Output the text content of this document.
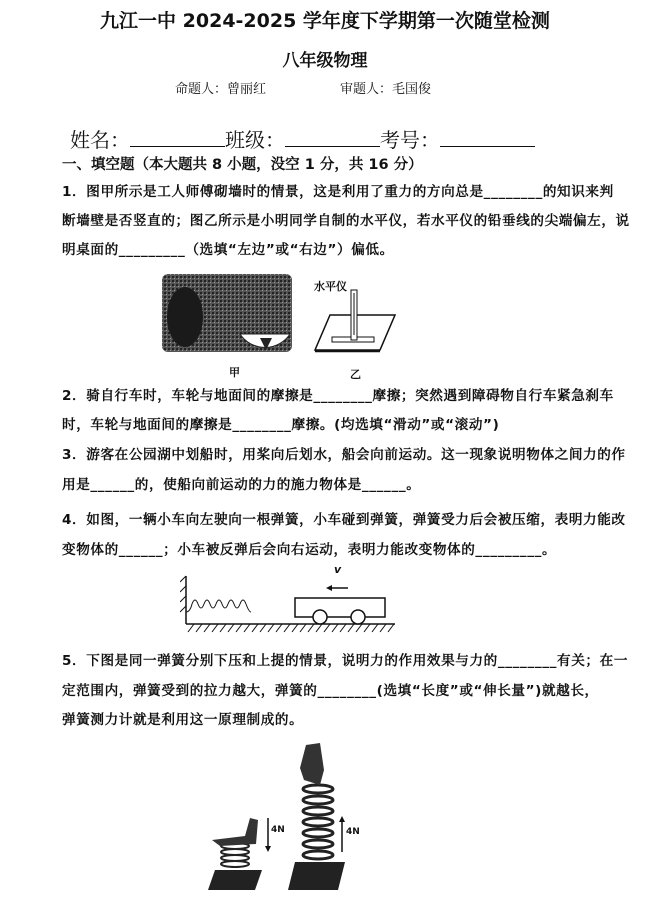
九江一中 2024-2025 学年度下学期第一次随堂检测
八年级物理
命题人：曾丽红	审题人：毛国俊
姓名：	班级：	考号：
一、填空题（本大题共 8 小题，没空 1 分，共 16 分）
1．图甲所示是工人师傅砌墙时的情景，这是利用了重力的方向总是________的知识来判
断墙壁是否竖直的；图乙所示是小明同学自制的水平仪，若水平仪的铅垂线的尖端偏左，说
明桌面的_________（选填“左边”或“右边”）偏低。
甲
水平仪
乙
2．骑自行车时，车轮与地面间的摩擦是________摩擦；突然遇到障碍物自行车紧急刹车
时，车轮与地面间的摩擦是________摩擦。(均选填“滑动”或“滚动”)
3．游客在公园湖中划船时，用桨向后划水，船会向前运动。这一现象说明物体之间力的作
用是______的，使船向前运动的力的施力物体是______。
4．如图，一辆小车向左驶向一根弹簧，小车碰到弹簧，弹簧受力后会被压缩，表明力能改
变物体的______；小车被反弹后会向右运动，表明力能改变物体的_________。
v
5．下图是同一弹簧分别下压和上提的情景，说明力的作用效果与力的________有关；在一
定范围内，弹簧受到的拉力越大，弹簧的________(选填“长度”或“伸长量”)就越长，
弹簧测力计就是利用这一原理制成的。
4N	4N
